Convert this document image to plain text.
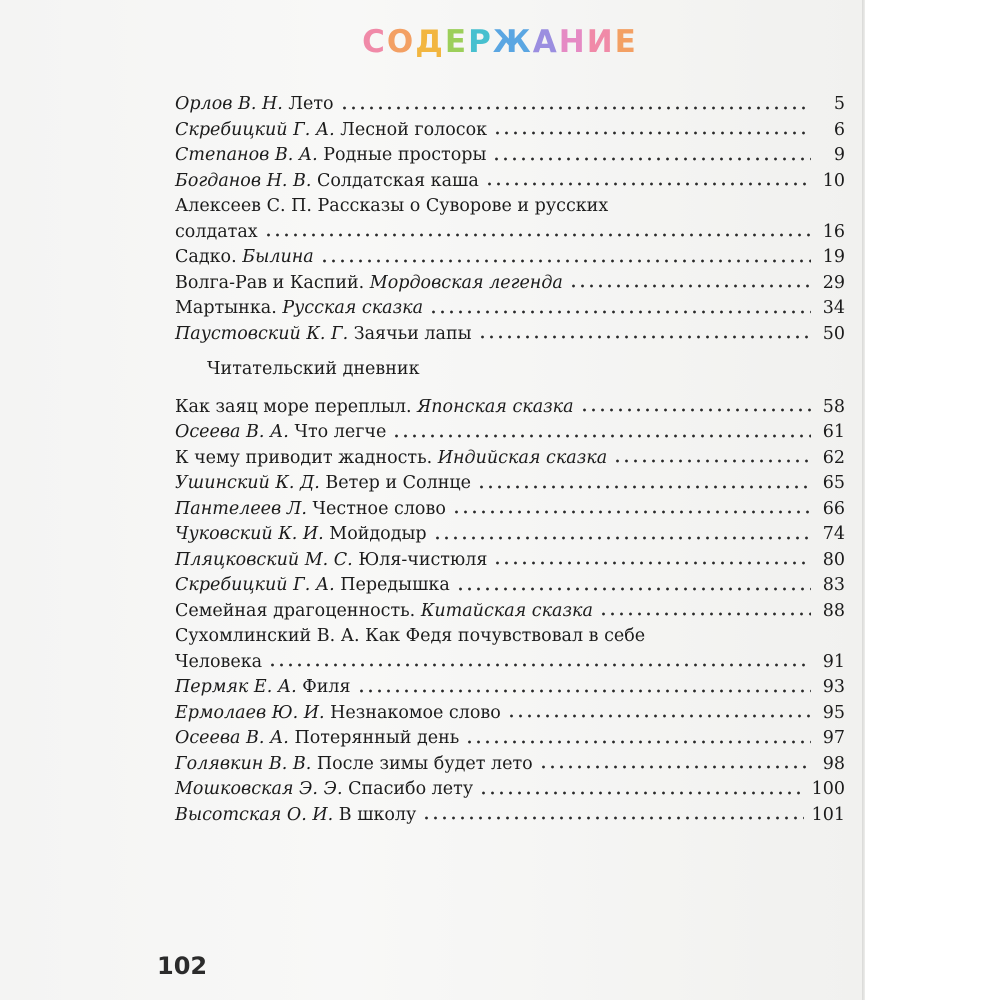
СОДЕРЖАНИЕ
Орлов В. Н. Лето	5
Скребицкий Г. А. Лесной голосок	6
Степанов В. А. Родные просторы	9
Богданов Н. В. Солдатская каша	10
Алексеев С. П. Рассказы о Суворове и русских
солдатах	16
Садко. Былина	19
Волга-Рав и Каспий. Мордовская легенда	29
Мартынка. Русская сказка	34
Паустовский К. Г. Заячьи лапы	50
Читательский дневник
Как заяц море переплыл. Японская сказка	58
Осеева В. А. Что легче	61
К чему приводит жадность. Индийская сказка	62
Ушинский К. Д. Ветер и Солнце	65
Пантелеев Л. Честное слово	66
Чуковский К. И. Мойдодыр	74
Пляцковский М. С. Юля-чистюля	80
Скребицкий Г. А. Передышка	83
Семейная драгоценность. Китайская сказка	88
Сухомлинский В. А. Как Федя почувствовал в себе
Человека	91
Пермяк Е. А. Филя	93
Ермолаев Ю. И. Незнакомое слово	95
Осеева В. А. Потерянный день	97
Голявкин В. В. После зимы будет лето	98
Мошковская Э. Э. Спасибо лету	100
Высотская О. И. В школу	101
102
